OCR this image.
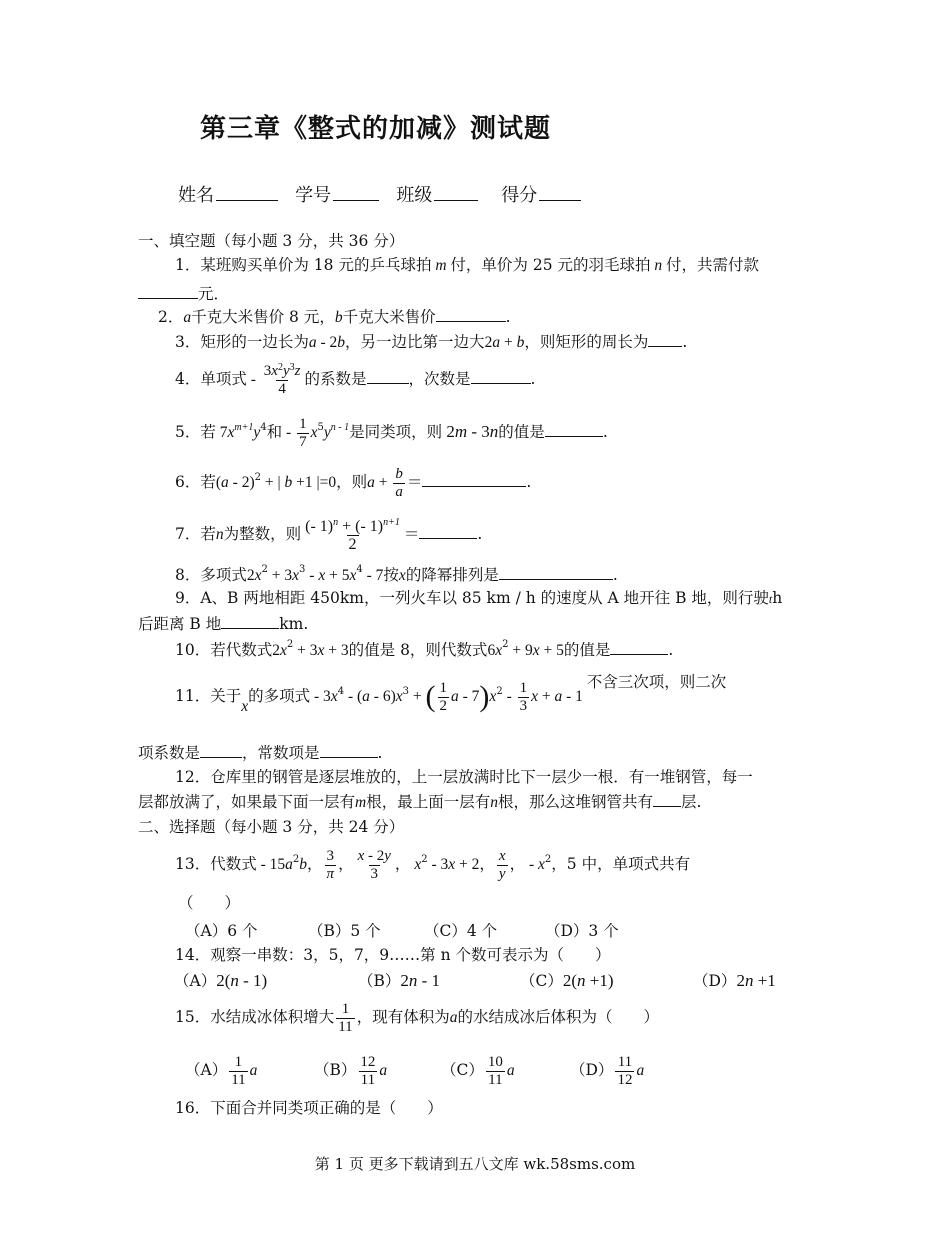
第三章《整式的加减》测试题
姓名	学号	班级	得分
一、填空题（每小题 3 分，共 36 分）
1．某班购买单价为 18 元的乒乓球拍 m 付，单价为 25 元的羽毛球拍 n 付，共需付款
元．
2．a千克大米售价 8 元，b千克大米售价	.
3．矩形的一边长为a - 2b，另一边比第一边大2a + b，则矩形的周长为 .
4．单项式 - $\frac{3x^2y^3z}{4}$ 的系数是	，次数是	.
5．若 $7x^{m+1}y^4$和 - $\frac{1}{7} x^5y^{n - 1}$是同类项，则 2m - 3n的值是	.
6．若(a - 2)$^2$ + | b +1 |=0，则$a + \frac{b}{a}$ ＝	.
7．若n为整数，则 $\frac{(- 1)^n + (- 1)^{n+1}}{2}$ ＝	.
8．多项式$2x^2 + 3x^3 - x + 5x^4 - 7$按x的降幂排列是	.
9．A、B 两地相距 450km，一列火车以 85 km / h 的速度从 A 地开往 B 地，则行驶th
后距离 B 地	km.
10．若代数式$2x^2 + 3x + 3$的值是 8，则代数式$6x^2 + 9x + 5$的值是	.
11．关于x的多项式 - $3x^4 - (a - 6)x^3$ + ( $\frac{1}{2}$ a - $7)x^2 - \frac{1}{3}$ x + a - 1 不含三次项，则二次
项系数是	，常数项是	.
12．仓库里的钢管是逐层堆放的，上一层放满时比下一层少一根．有一堆钢管，每一
层都放满了，如果最下面一层有m根，最上面一层有n根，那么这堆钢管共有 层.
二、选择题（每小题 3 分，共 24 分）
13．代数式 - $15a^2b$， $\frac{3}{\pi}$ ， $\frac{x - 2y}{3}$ ， $x^2 - 3x + 2$， $\frac{x}{y}$ ， - $x^2$，5 中，单项式共有
（　　）
（A）6 个	（B）5 个	（C）4 个	（D）3 个
14．观察一串数：3，5，7，9……第 n 个数可表示为（　　）
（A）2(n - 1)	（B）2n - 1	（C）2(n +1)	（D）2n +1
15．水结成冰体积增大 $\frac{1}{11}$ ，现有体积为a的水结成冰后体积为（　　）
$(A) \frac{1}{11}$ a	$(B) \frac{12}{11}$ a	$(C) \frac{10}{11}$ a	$(D) \frac{11}{12}$ a
16．下面合并同类项正确的是（　　）
第 1 页 更多下载请到五八文库 wk.58sms.com
